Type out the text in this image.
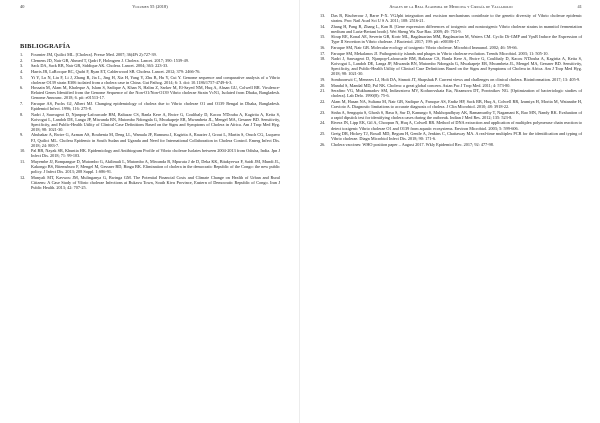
40	Volumen 55 (2018)
BIBLIOGRAFÍA
1.	Fournier JM, Quilici ML. [Cholera]. Presse Med. 2007; 36(4Pt 2):727-39.
2.	Clemens JD, Nair GB, Ahmed T, Qadri F, Holmgren J. Cholera. Lancet. 2017; 390: 1539-49.
3.	Sack DA, Sack RB, Nair GB, Siddique AK. Cholera. Lancet. 2004; 363: 223-33.
4.	Harris JB, LaRocque RC, Qadri F, Ryan ET, Calderwood SB. Cholera. Lancet. 2012; 379: 2466-76.
5.	Yi Y, Lu N, Liu F, Li J, Zhang R, Jia L, Jing H, Xia H, Yang Y, Zhu B, Hu Y, Cui Y. Genome sequence and comparative analysis of a Vibrio cholerae O139 strain E306 isolated from a cholera case in China. Gut Pathog. 2014; 6: 3. doi: 10.1186/1757-4749-6-3.
6.	Hossain M, Alam M, Khaleque A, Islam S, Sadique A, Khan N, Halim Z, Sarker M, El-Sayed NM, Huq A, Ahsan GU, Colwell RR. Virulence-Related Genes Identified from the Genome Sequence of the Non-O1/Non-O139 Vibrio cholerae Strain VcN1, Isolated from Dhaka, Bangladesh. Genome Announc. 2018; 6. pii: e01513-17.
7.	Faruque AS, Fuchs GJ, Albert MJ. Changing epidemiology of cholera due to Vibrio cholerae O1 and O139 Bengal in Dhaka, Bangladesh. Epidemiol Infect. 1996; 116: 275-8.
8.	Nadri J, Sauvageot D, Njanpop-Lafourcade BM, Baltazar CS, Banla Kere A, Bwire G, Coulibaly D, Kacou N'Douba A, Kagirita A, Keita S, Koivogui L, Landoh DE, Langa JP, Miwanda BN, Mutombo Ndongala G, Mwakapeje ER, Mwambeta JL, Mengel MA, Gessner BD. Sensitivity, Specificity, and Public-Health Utility of Clinical Case Definitions Based on the Signs and Symptoms of Cholera in Africa. Am J Trop Med Hyg. 2018; 98: 1021-30.
9.	Abubakar A, Bwire G, Azman AS, Bouhenia M, Deng LL, Wamala JF, Rumunu J, Kagirita A, Rauzier J, Grout L, Martin S, Oruch CG, Luquero FJ, Quilici ML. Cholera Epidemic in South Sudan and Uganda and Need for International Collaboration in Cholera Control. Emerg Infect Dis. 2018; 24: 883-7.
10.	Pal BB, Nayak SR, Khuntia HK. Epidemiology and Antibiogram Profile of Vibrio cholerae Isolates between 2004-2013 from Odisha, India. Jpn J Infect Dis. 2018; 71: 99-103.
11.	Muyembe JJ, Bompangue D, Mutombo G, Akilimali L, Mutombo A, Miwanda B, Mpuruta J de D, Deka KK, Bitakyerwa F, Saidi JM, Mundi JL, Kakongo BS, Bitemsburo F, Mengel M, Gessner BD, Bingu BK. Elimination of cholera in the democratic Republic of the Congo: the new public policy. J Infect Dis. 2013; 208 Suppl. 1:S86-91.
12.	Munyali MT, Kavwou JM, Mulinganya G, Bwinga GM. The Potential Financial Costs and Climate Change on Health of Urban and Rural Citizens: A Case Study of Vibrio cholerae Infections at Bukavu Town, South Kivu Province, Eastern of Democratic Republic of Congo. Iran J Public Health. 2013; 42: 707-25.
Anales de la Real Academia de Medicina y Cirugía de Valladolid	41
13.	Das B, Bischerour J, Barre F-X. VGJphi integration and excision mechanisms contribute to the genetic diversity of Vibrio cholerae epidemic strains. Proc Natl Acad Sci U S A. 2011; 108: 2516-21.
14.	Zhang H, Pang B, Zhang L, Kan B. [Gene expression differences of toxigenic and nontoxigenic Vibrio cholerae strains in mannitol fermentation medium and Luria-Bertani broth]. Wei Sheng Wu Xue Bao. 2009; 49: 753-9.
15.	Sloup RE, Konal AE, Severin GB, Korir ML, Bagdasarian MM, Bagdasarian M, Waters CM. Cyclic Di-GMP and VpsR Induce the Expression of Type II Secretion in Vibrio cholerae. J Bacteriol. 2017; 199: pii: e00106-17.
16.	Faruque SM, Nair GB. Molecular ecology of toxigenic Vibrio cholerae. Microbiol Immunol. 2002; 46: 59-66.
17.	Faruque SM, Mekalanos JJ. Pathogenicity islands and phages in Vibrio cholerae evolution. Trends Microbiol. 2003; 11: 505-10.
18.	Nadri J, Sauvageot D, Njanpop-Lafourcade BM, Baltazar CS, Banla Kere A, Bwire G, Coulibaly D, Kacou N'Douba A, Kagirita A, Keita S, Koivogui L, Landoh DE, Langa JP, Miwanda BN, Mutombo Ndongala G, Mwakapeje ER, Mwambeta JL, Mengel MA, Gessner BD. Sensitivity, Specificity, and Public-Health Utility of Clinical Case Definitions Based on the Signs and Symptoms of Cholera in Africa. Am J Trop Med Hyg. 2018; 98: 1021-30.
19.	Somboonwit C, Menezes LJ, Holt DA, Sinnott JT, Shapshak P. Current views and challenges on clinical cholera. Bioinformation. 2017; 13: 405-9.
20.	Mandal S, Mandal MD, Pal NK. Cholera: a great global concern. Asian Pac J Trop Med. 2011; 4: 573-80.
21.	Serafino VG, Mukhamadov SM, Indiavatova MV, Kodurovskaia Eia, Nizamova DT, Porotnikov NG. [Optimization of bacteriologic studies of cholera]. Lab Delo. 1990(8): 75-6.
22.	Alam M, Hasan NA, Sultana M, Nair GB, Sadique A, Faruque AS, Endtz HP, Sack RB, Huq A, Colwell RR, Izumiya H, Morita M, Watanabe H, Cravioto A. Diagnostic limitations to accurate diagnosis of cholera. J Clin Microbiol. 2010; 48: 3918-22.
23.	Sinha A, Sengupta S, Ghosh S, Basu S, Sur D, Kanungo S, Mukhopadhyay AK, Ramamurthy T, Nagamani K, Rao MN, Nandy RK. Evaluation of a rapid dipstick test for identifying cholera cases during the outbreak. Indian J Med Res. 2012; 135: 523-8.
24.	Rivera IN, Lipp EK, Gil A, Choopun N, Huq A, Colwell RR. Method of DNA extraction and application of multiplex polymerase chain reaction to detect toxigenic Vibrio cholerae O1 and O139 from aquatic ecosystems. Environ Microbiol. 2003; 5: 599-606.
25.	Greig DR, Hickey TJ, Boxall MD, Begum H, Gentle A, Jenkins C, Chattaway MA. A real-time multiplex PCR for the identification and typing of Vibrio cholerae. Diagn Microbiol Infect Dis. 2018; 90: 171-6.
26.	Cholera vaccines: WHO position paper – August 2017. Wkly Epidemiol Rec. 2017; 92: 477-98.
